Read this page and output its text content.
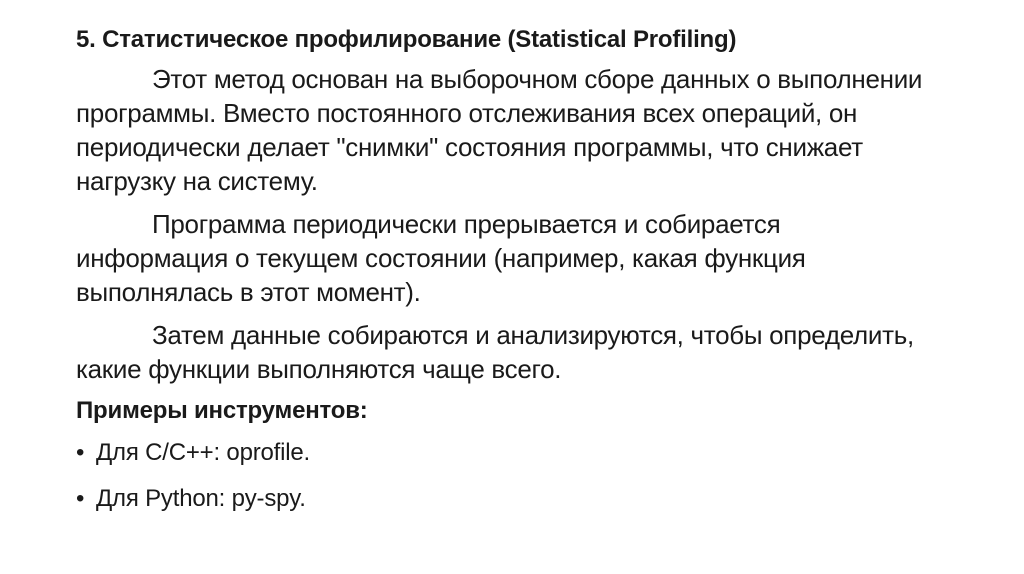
5. Статистическое профилирование (Statistical Profiling)

Этот метод основан на выборочном сборе данных о выполнении программы. Вместо постоянного отслеживания всех операций, он периодически делает "снимки" состояния программы, что снижает нагрузку на систему.

Программа периодически прерывается и собирается информация о текущем состоянии (например, какая функция выполнялась в этот момент).

Затем данные собираются и анализируются, чтобы определить, какие функции выполняются чаще всего.

Примеры инструментов:
• Для C/C++: oprofile.
• Для Python: py-spy.
